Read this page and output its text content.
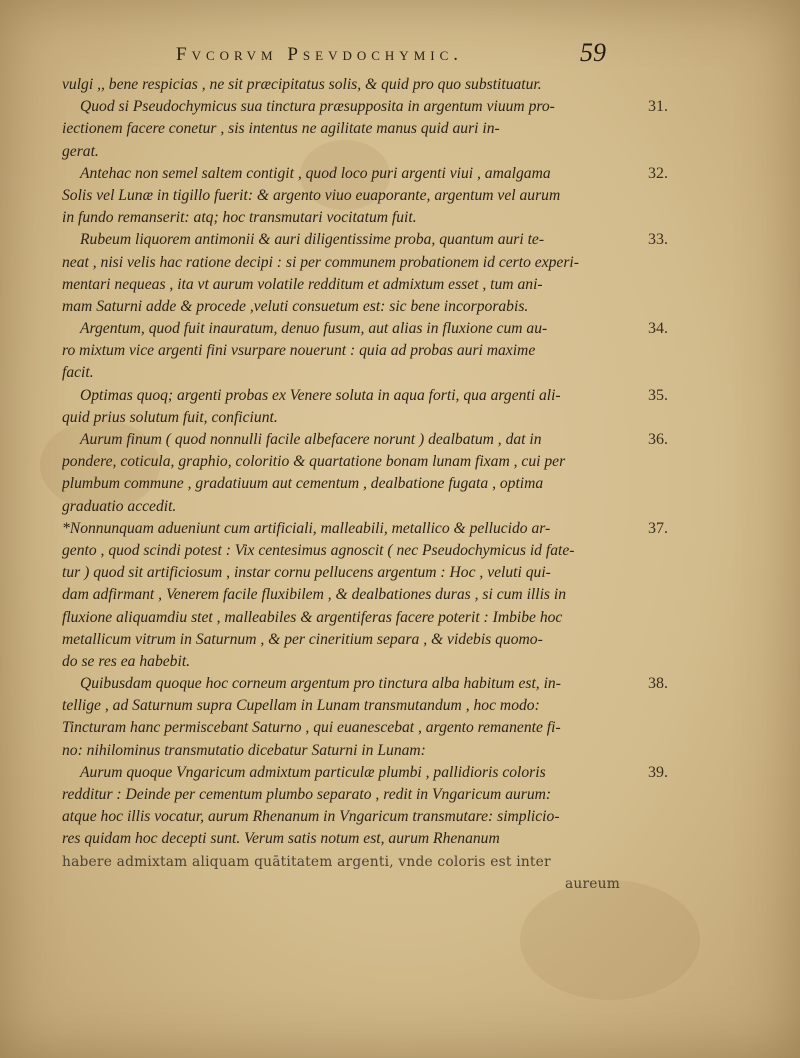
Fvcorvm Psevdochymic.	59
vulgi ,, bene respicias , ne sit præcipitatus solis, & quid pro quo substituatur.
Quod si Pseudochymicus sua tinctura præsupposita in argentum viuum pro-
iectionem facere conetur , sis intentus ne agilitate manus quid auri in-
gerat.
Antehac non semel saltem contigit , quod loco puri argenti viui , amalgama
Solis vel Lunæ in tigillo fuerit: & argento viuo euaporante, argentum vel aurum
in fundo remanserit: atq; hoc transmutari vocitatum fuit.
Rubeum liquorem antimonii & auri diligentissime proba, quantum auri te-
neat , nisi velis hac ratione decipi : si per communem probationem id certo experi-
mentari nequeas , ita vt aurum volatile redditum et admixtum esset , tum ani-
mam Saturni adde & procede ,veluti consuetum est: sic bene incorporabis.
Argentum, quod fuit inauratum, denuo fusum, aut alias in fluxione cum au-
ro mixtum vice argenti fini vsurpare nouerunt : quia ad probas auri maxime
facit.
Optimas quoq; argenti probas ex Venere soluta in aqua forti, qua argenti ali-
quid prius solutum fuit, conficiunt.
Aurum finum ( quod nonnulli facile albefacere norunt ) dealbatum , dat in
pondere, coticula, graphio, coloritio & quartatione bonam lunam fixam , cui per
plumbum commune , gradatiuum aut cementum , dealbatione fugata , optima
graduatio accedit.
*Nonnunquam adueniunt cum artificiali, malleabili, metallico & pellucido ar-
gento , quod scindi potest : Vix centesimus agnoscit ( nec Pseudochymicus id fate-
tur ) quod sit artificiosum , instar cornu pellucens argentum : Hoc , veluti qui-
dam adfirmant , Venerem facile fluxibilem , & dealbationes duras , si cum illis in
fluxione aliquamdiu stet , malleabiles & argentiferas facere poterit : Imbibe hoc
metallicum vitrum in Saturnum , & per cineritium separa , & videbis quomo-
do se res ea habebit.
Quibusdam quoque hoc corneum argentum pro tinctura alba habitum est, in-
tellige , ad Saturnum supra Cupellam in Lunam transmutandum , hoc modo:
Tincturam hanc permiscebant Saturno , qui euanescebat , argento remanente fi-
no: nihilominus transmutatio dicebatur Saturni in Lunam:
Aurum quoque Vngaricum admixtum particulæ plumbi , pallidioris coloris
redditur : Deinde per cementum plumbo separato , redit in Vngaricum aurum:
atque hoc illis vocatur, aurum Rhenanum in Vngaricum transmutare: simplicio-
res quidam hoc decepti sunt. Verum satis notum est, aurum Rhenanum
habere admixtam aliquam quātitatem argenti, vnde coloris est inter
aureum
31.
32.
33.
34.
35.
36.
37.
38.
39.
